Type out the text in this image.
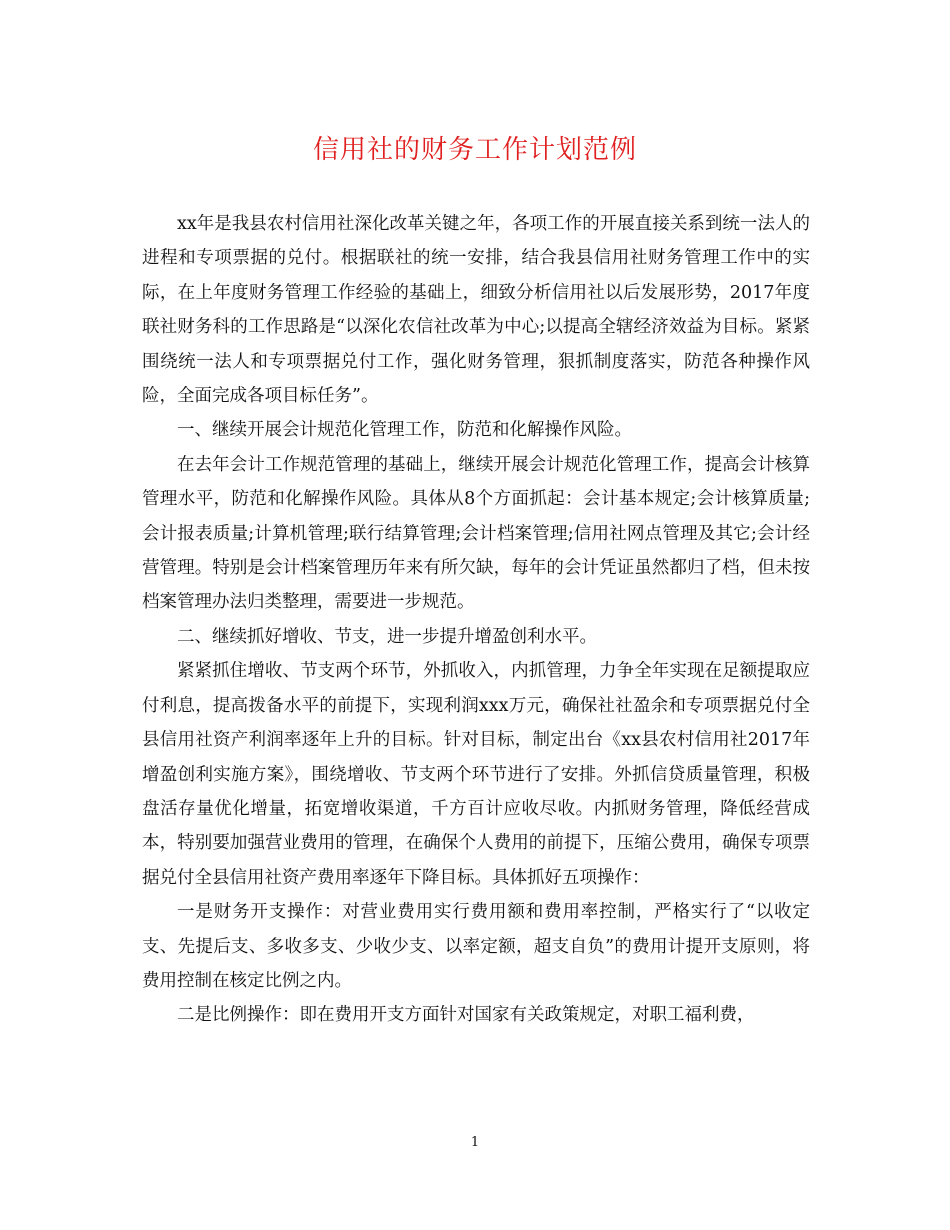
信用社的财务工作计划范例

xx年是我县农村信用社深化改革关键之年，各项工作的开展直接关系到统一法人的进程和专项票据的兑付。根据联社的统一安排，结合我县信用社财务管理工作中的实际，在上年度财务管理工作经验的基础上，细致分析信用社以后发展形势，2017年度联社财务科的工作思路是“以深化农信社改革为中心;以提高全辖经济效益为目标。紧紧围绕统一法人和专项票据兑付工作，强化财务管理，狠抓制度落实，防范各种操作风险，全面完成各项目标任务”。

一、继续开展会计规范化管理工作，防范和化解操作风险。

在去年会计工作规范管理的基础上，继续开展会计规范化管理工作，提高会计核算管理水平，防范和化解操作风险。具体从8个方面抓起：会计基本规定;会计核算质量;会计报表质量;计算机管理;联行结算管理;会计档案管理;信用社网点管理及其它;会计经营管理。特别是会计档案管理历年来有所欠缺，每年的会计凭证虽然都归了档，但未按档案管理办法归类整理，需要进一步规范。

二、继续抓好增收、节支，进一步提升增盈创利水平。

紧紧抓住增收、节支两个环节，外抓收入，内抓管理，力争全年实现在足额提取应付利息，提高拨备水平的前提下，实现利润xxx万元，确保社社盈余和专项票据兑付全县信用社资产利润率逐年上升的目标。针对目标，制定出台《xx县农村信用社2017年增盈创利实施方案》，围绕增收、节支两个环节进行了安排。外抓信贷质量管理，积极盘活存量优化增量，拓宽增收渠道，千方百计应收尽收。内抓财务管理，降低经营成本，特别要加强营业费用的管理，在确保个人费用的前提下，压缩公费用，确保专项票据兑付全县信用社资产费用率逐年下降目标。具体抓好五项操作：

一是财务开支操作：对营业费用实行费用额和费用率控制，严格实行了“以收定支、先提后支、多收多支、少收少支、以率定额，超支自负”的费用计提开支原则，将费用控制在核定比例之内。

二是比例操作：即在费用开支方面针对国家有关政策规定，对职工福利费，

1
